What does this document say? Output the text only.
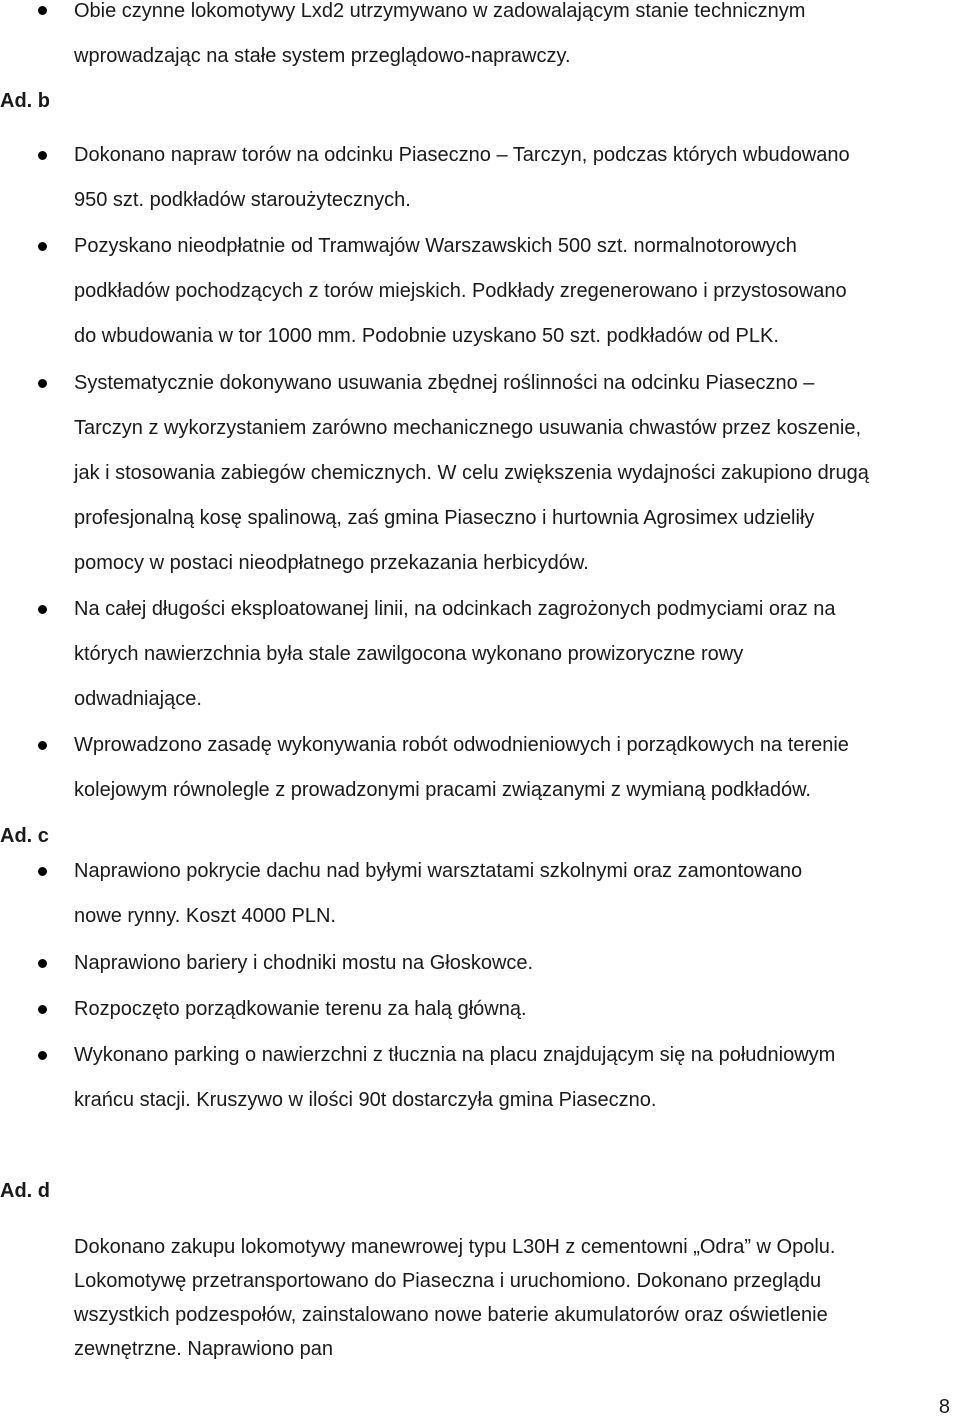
Obie czynne lokomotywy Lxd2 utrzymywano w zadowalającym stanie technicznym
wprowadzając na stałe system przeglądowo-naprawczy.
Ad. b
Dokonano napraw torów na odcinku Piaseczno – Tarczyn, podczas których wbudowano
950 szt. podkładów staroużytecznych.
Pozyskano nieodpłatnie od Tramwajów Warszawskich 500 szt. normalnotorowych
podkładów pochodzących z torów miejskich. Podkłady zregenerowano i przystosowano
do wbudowania w tor 1000 mm. Podobnie uzyskano 50 szt. podkładów od PLK.
Systematycznie dokonywano usuwania zbędnej roślinności na odcinku Piaseczno –
Tarczyn z wykorzystaniem zarówno mechanicznego usuwania chwastów przez koszenie,
jak i stosowania zabiegów chemicznych. W celu zwiększenia wydajności zakupiono drugą
profesjonalną kosę spalinową, zaś gmina Piaseczno i hurtownia Agrosimex udzieliły
pomocy w postaci nieodpłatnego przekazania herbicydów.
Na całej długości eksploatowanej linii, na odcinkach zagrożonych podmyciami oraz na
których nawierzchnia była stale zawilgocona wykonano prowizoryczne rowy
odwadniające.
Wprowadzono zasadę wykonywania robót odwodnieniowych i porządkowych na terenie
kolejowym równolegle z prowadzonymi pracami związanymi z wymianą podkładów.
Ad. c
Naprawiono pokrycie dachu nad byłymi warsztatami szkolnymi oraz zamontowano
nowe rynny. Koszt 4000 PLN.
Naprawiono bariery i chodniki mostu na Głoskowce.
Rozpoczęto porządkowanie terenu za halą główną.
Wykonano parking o nawierzchni z tłucznia na placu znajdującym się na południowym
krańcu stacji. Kruszywo w ilości 90t dostarczyła gmina Piaseczno.
Ad. d
Dokonano zakupu lokomotywy manewrowej typu L30H z cementowni „Odra” w Opolu.
Lokomotywę przetransportowano do Piaseczna i uruchomiono. Dokonano przeglądu
wszystkich podzespołów, zainstalowano nowe baterie akumulatorów oraz oświetlenie
zewnętrzne. Naprawiono pan
8
